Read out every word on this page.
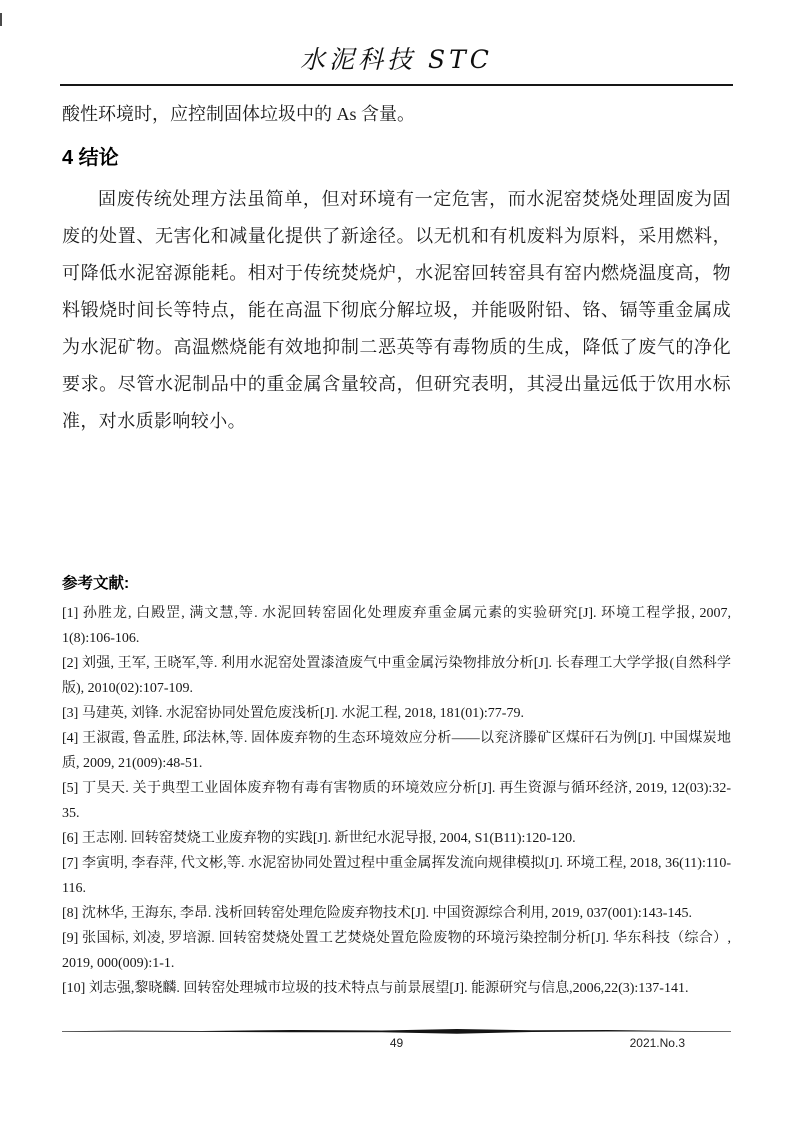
水泥科技 STC

酸性环境时，应控制固体垃圾中的 As 含量。

4 结论

固废传统处理方法虽简单，但对环境有一定危害，而水泥窑焚烧处理固废为固废的处置、无害化和减量化提供了新途径。以无机和有机废料为原料，采用燃料，可降低水泥窑源能耗。相对于传统焚烧炉，水泥窑回转窑具有窑内燃烧温度高，物料锻烧时间长等特点，能在高温下彻底分解垃圾，并能吸附铅、铬、镉等重金属成为水泥矿物。高温燃烧能有效地抑制二恶英等有毒物质的生成，降低了废气的净化要求。尽管水泥制品中的重金属含量较高，但研究表明，其浸出量远低于饮用水标准，对水质影响较小。

参考文献:

[1] 孙胜龙, 白殿罡, 满文慧,等. 水泥回转窑固化处理废弃重金属元素的实验研究[J]. 环境工程学报, 2007, 1(8):106-106.

[2] 刘强, 王军, 王晓军,等. 利用水泥窑处置漆渣废气中重金属污染物排放分析[J]. 长春理工大学学报(自然科学版), 2010(02):107-109.

[3] 马建英, 刘锋. 水泥窑协同处置危废浅析[J]. 水泥工程, 2018, 181(01):77-79.

[4] 王淑霞, 鲁孟胜, 邱法林,等. 固体废弃物的生态环境效应分析——以兖济滕矿区煤矸石为例[J]. 中国煤炭地质, 2009, 21(009):48-51.

[5] 丁昊天. 关于典型工业固体废弃物有毒有害物质的环境效应分析[J]. 再生资源与循环经济, 2019, 12(03):32-35.

[6] 王志刚. 回转窑焚烧工业废弃物的实践[J]. 新世纪水泥导报, 2004, S1(B11):120-120.

[7] 李寅明, 李春萍, 代文彬,等. 水泥窑协同处置过程中重金属挥发流向规律模拟[J]. 环境工程, 2018, 36(11):110-116.

[8] 沈林华, 王海东, 李昂. 浅析回转窑处理危险废弃物技术[J]. 中国资源综合利用, 2019, 037(001):143-145.

[9] 张国标, 刘凌, 罗培源. 回转窑焚烧处置工艺焚烧处置危险废物的环境污染控制分析[J]. 华东科技（综合）, 2019, 000(009):1-1.

[10] 刘志强,黎晓麟. 回转窑处理城市垃圾的技术特点与前景展望[J]. 能源研究与信息,2006,22(3):137-141.

49	2021.No.3
